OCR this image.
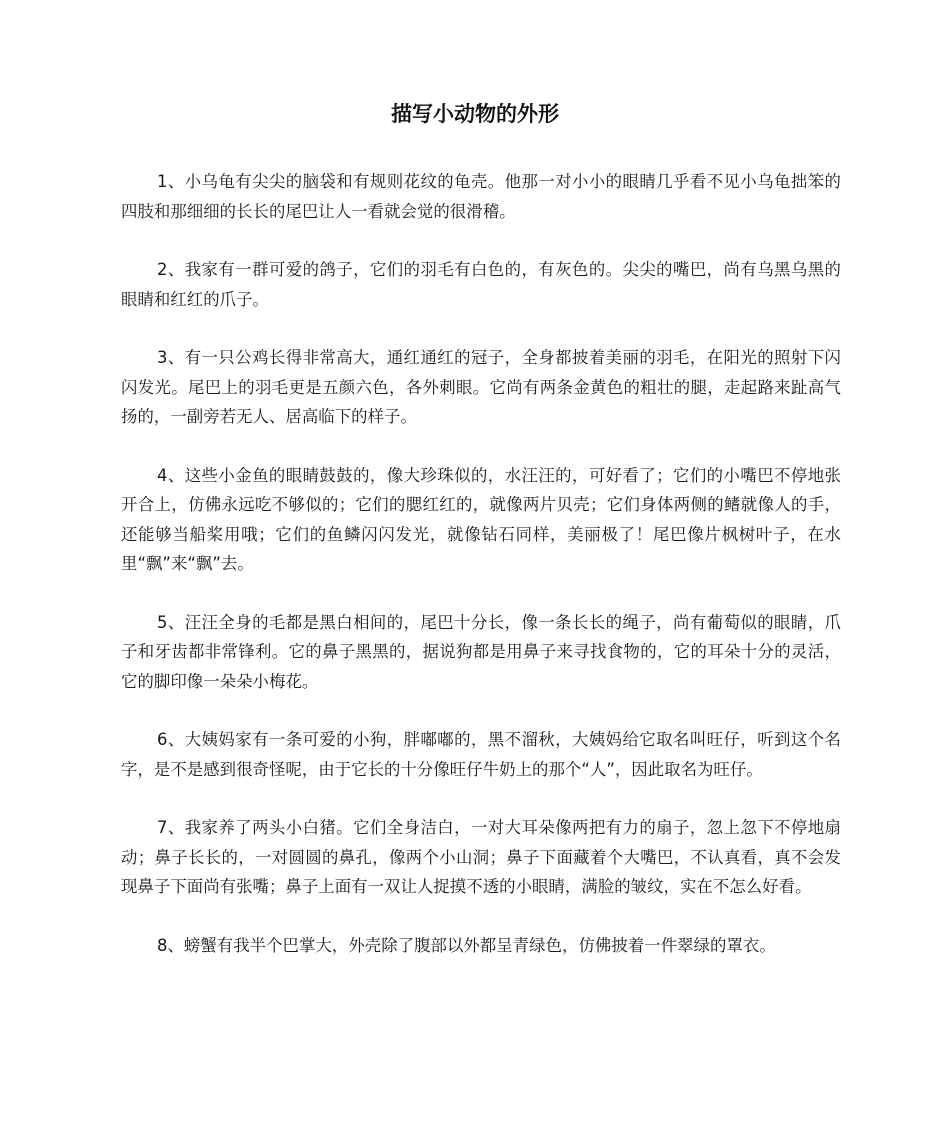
描写小动物的外形

1、小乌龟有尖尖的脑袋和有规则花纹的龟壳。他那一对小小的眼睛几乎看不见小乌龟拙笨的四肢和那细细的长长的尾巴让人一看就会觉的很滑稽。

2、我家有一群可爱的鸽子，它们的羽毛有白色的，有灰色的。尖尖的嘴巴，尚有乌黑乌黑的眼睛和红红的爪子。

3、有一只公鸡长得非常高大，通红通红的冠子，全身都披着美丽的羽毛，在阳光的照射下闪闪发光。尾巴上的羽毛更是五颜六色，各外刺眼。它尚有两条金黄色的粗壮的腿，走起路来趾高气扬的，一副旁若无人、居高临下的样子。

4、这些小金鱼的眼睛鼓鼓的，像大珍珠似的，水汪汪的，可好看了；它们的小嘴巴不停地张开合上，仿佛永远吃不够似的；它们的腮红红的，就像两片贝壳；它们身体两侧的鳍就像人的手，还能够当船桨用哦；它们的鱼鳞闪闪发光，就像钻石同样，美丽极了！尾巴像片枫树叶子，在水里“飘”来“飘”去。

5、汪汪全身的毛都是黑白相间的，尾巴十分长，像一条长长的绳子，尚有葡萄似的眼睛，爪子和牙齿都非常锋利。它的鼻子黑黑的，据说狗都是用鼻子来寻找食物的，它的耳朵十分的灵活，它的脚印像一朵朵小梅花。

6、大姨妈家有一条可爱的小狗，胖嘟嘟的，黑不溜秋，大姨妈给它取名叫旺仔，听到这个名字，是不是感到很奇怪呢，由于它长的十分像旺仔牛奶上的那个“人”，因此取名为旺仔。

7、我家养了两头小白猪。它们全身洁白，一对大耳朵像两把有力的扇子，忽上忽下不停地扇动；鼻子长长的，一对圆圆的鼻孔，像两个小山洞；鼻子下面藏着个大嘴巴，不认真看，真不会发现鼻子下面尚有张嘴；鼻子上面有一双让人捉摸不透的小眼睛，满脸的皱纹，实在不怎么好看。

8、螃蟹有我半个巴掌大，外壳除了腹部以外都呈青绿色，仿佛披着一件翠绿的罩衣。
